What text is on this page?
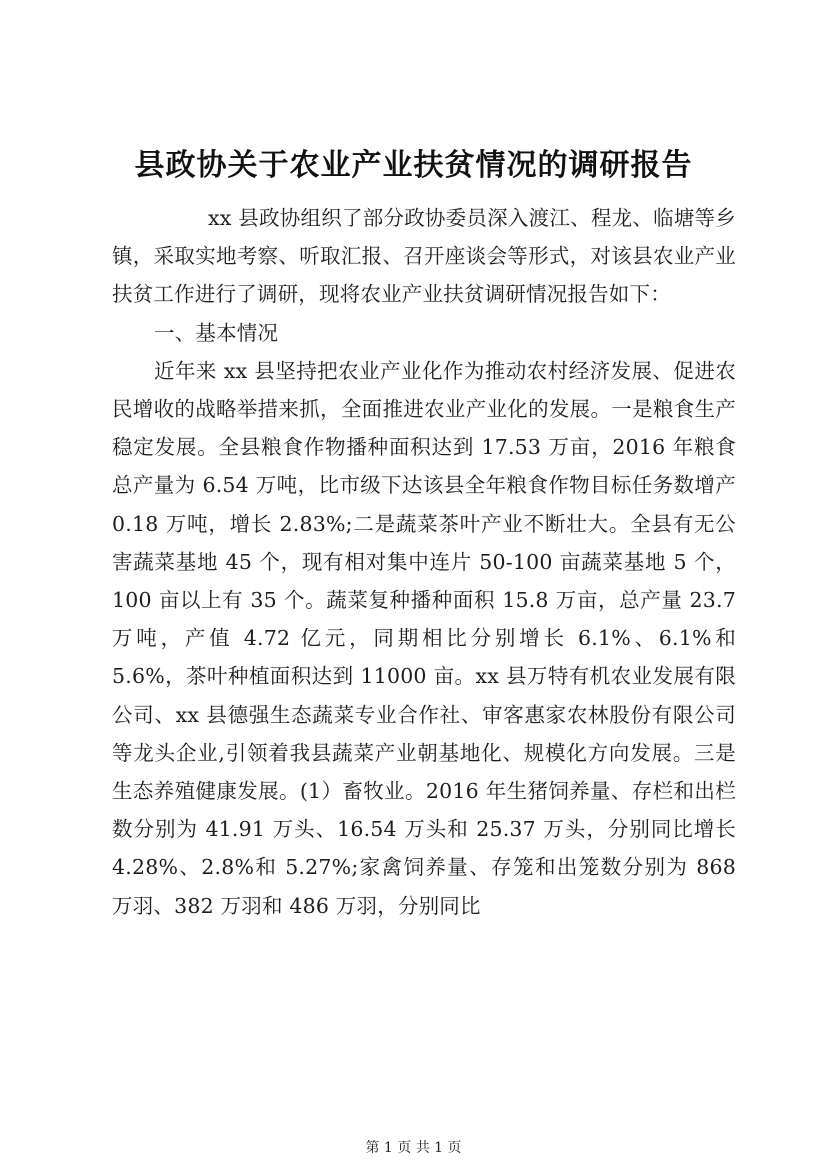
县政协关于农业产业扶贫情况的调研报告

xx 县政协组织了部分政协委员深入渡江、程龙、临塘等乡镇，采取实地考察、听取汇报、召开座谈会等形式，对该县农业产业扶贫工作进行了调研，现将农业产业扶贫调研情况报告如下：

一、基本情况

近年来 xx 县坚持把农业产业化作为推动农村经济发展、促进农民增收的战略举措来抓，全面推进农业产业化的发展。一是粮食生产稳定发展。全县粮食作物播种面积达到 17.53 万亩，2016 年粮食总产量为 6.54 万吨，比市级下达该县全年粮食作物目标任务数增产 0.18 万吨，增长 2.83%;二是蔬菜茶叶产业不断壮大。全县有无公害蔬菜基地 45 个，现有相对集中连片 50-100 亩蔬菜基地 5 个，100 亩以上有 35 个。蔬菜复种播种面积 15.8 万亩，总产量 23.7 万吨，产值 4.72 亿元，同期相比分别增长 6.1%、6.1%和 5.6%，茶叶种植面积达到 11000 亩。xx 县万特有机农业发展有限公司、xx 县德强生态蔬菜专业合作社、审客惠家农林股份有限公司等龙头企业,引领着我县蔬菜产业朝基地化、规模化方向发展。三是生态养殖健康发展。(1）畜牧业。2016 年生猪饲养量、存栏和出栏数分别为 41.91 万头、16.54 万头和 25.37 万头，分别同比增长 4.28%、2.8%和 5.27%;家禽饲养量、存笼和出笼数分别为 868 万羽、382 万羽和 486 万羽，分别同比

第 1 页 共 1 页
